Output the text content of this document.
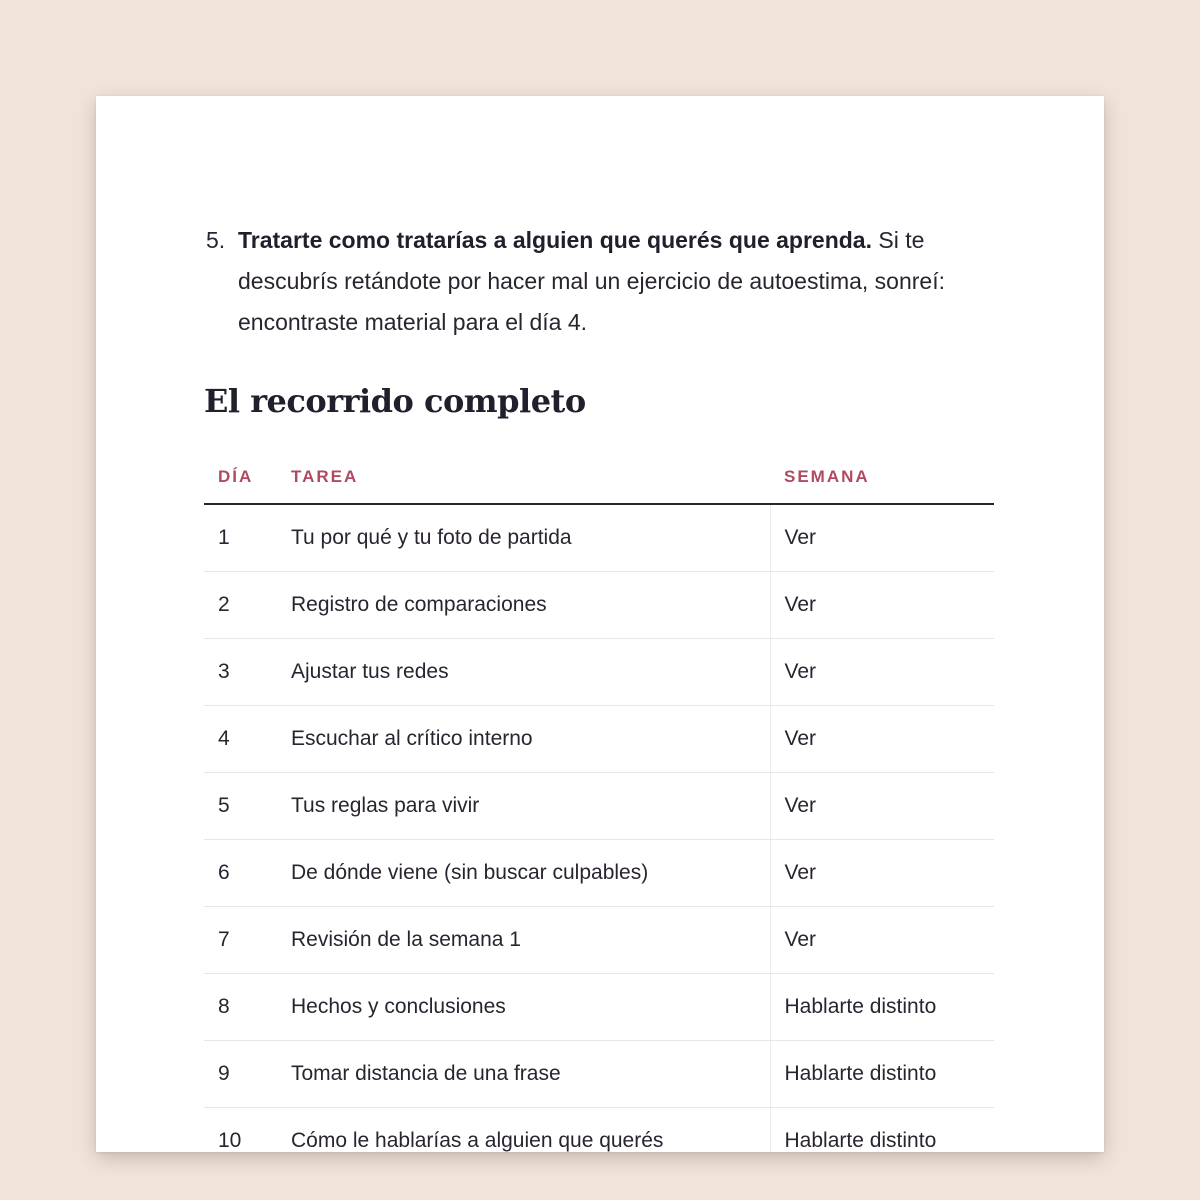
5. Tratarte como tratarías a alguien que querés que aprenda. Si te descubrís retándote por hacer mal un ejercicio de autoestima, sonreí: encontraste material para el día 4.
El recorrido completo
DÍA	TAREA	SEMANA
1	Tu por qué y tu foto de partida	Ver
2	Registro de comparaciones	Ver
3	Ajustar tus redes	Ver
4	Escuchar al crítico interno	Ver
5	Tus reglas para vivir	Ver
6	De dónde viene (sin buscar culpables)	Ver
7	Revisión de la semana 1	Ver
8	Hechos y conclusiones	Hablarte distinto
9	Tomar distancia de una frase	Hablarte distinto
10	Cómo le hablarías a alguien que querés	Hablarte distinto
